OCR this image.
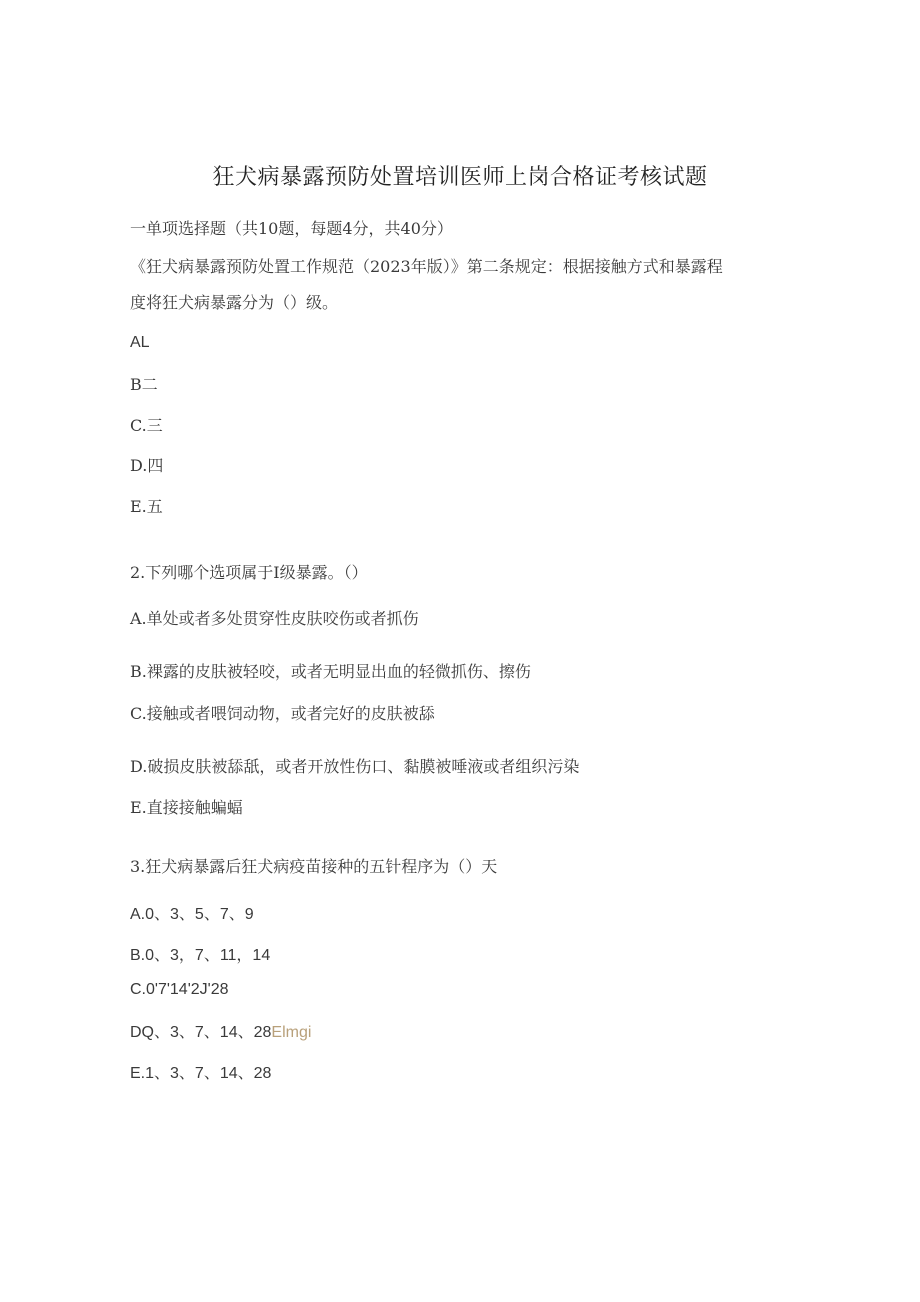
狂犬病暴露预防处置培训医师上岗合格证考核试题
一单项选择题（共10题，每题4分，共40分）
《狂犬病暴露预防处置工作规范（2023年版）》第二条规定：根据接触方式和暴露程
度将狂犬病暴露分为（）级。
AL
B二
C.三
D.四
E.五
2.下列哪个选项属于I级暴露。（）
A.单处或者多处贯穿性皮肤咬伤或者抓伤
B.裸露的皮肤被轻咬，或者无明显出血的轻微抓伤、擦伤
C.接触或者喂饲动物，或者完好的皮肤被舔
D.破损皮肤被舔舐，或者开放性伤口、黏膜被唾液或者组织污染
E.直接接触蝙蝠
3.狂犬病暴露后狂犬病疫苗接种的五针程序为（）天
A.0、3、5、7、9
B.0、3，7、11，14
C.0'7'14'2J'28
DQ、3、7、14、28Elmgi
E.1、3、7、14、28
